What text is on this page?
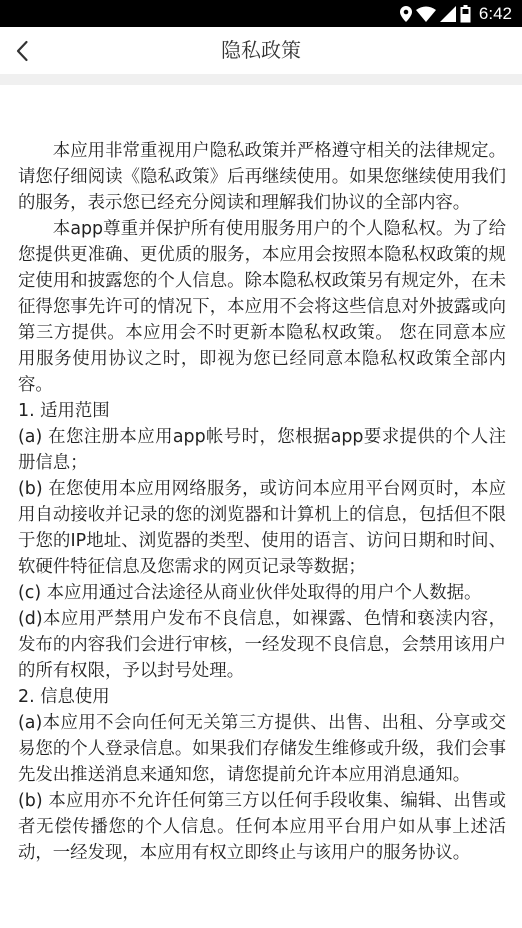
6:42
隐私政策

本应用非常重视用户隐私政策并严格遵守相关的法律规定。请您仔细阅读《隐私政策》后再继续使用。如果您继续使用我们的服务，表示您已经充分阅读和理解我们协议的全部内容。

本app尊重并保护所有使用服务用户的个人隐私权。为了给您提供更准确、更优质的服务，本应用会按照本隐私权政策的规定使用和披露您的个人信息。除本隐私权政策另有规定外，在未征得您事先许可的情况下，本应用不会将这些信息对外披露或向第三方提供。本应用会不时更新本隐私权政策。 您在同意本应用服务使用协议之时，即视为您已经同意本隐私权政策全部内容。

1. 适用范围

(a) 在您注册本应用app帐号时，您根据app要求提供的个人注册信息；

(b) 在您使用本应用网络服务，或访问本应用平台网页时，本应用自动接收并记录的您的浏览器和计算机上的信息，包括但不限于您的IP地址、浏览器的类型、使用的语言、访问日期和时间、软硬件特征信息及您需求的网页记录等数据；

(c) 本应用通过合法途径从商业伙伴处取得的用户个人数据。

(d)本应用严禁用户发布不良信息，如裸露、色情和亵渎内容，发布的内容我们会进行审核，一经发现不良信息，会禁用该用户的所有权限，予以封号处理。

2. 信息使用

(a)本应用不会向任何无关第三方提供、出售、出租、分享或交易您的个人登录信息。如果我们存储发生维修或升级，我们会事先发出推送消息来通知您，请您提前允许本应用消息通知。

(b) 本应用亦不允许任何第三方以任何手段收集、编辑、出售或者无偿传播您的个人信息。任何本应用平台用户如从事上述活动，一经发现，本应用有权立即终止与该用户的服务协议。
